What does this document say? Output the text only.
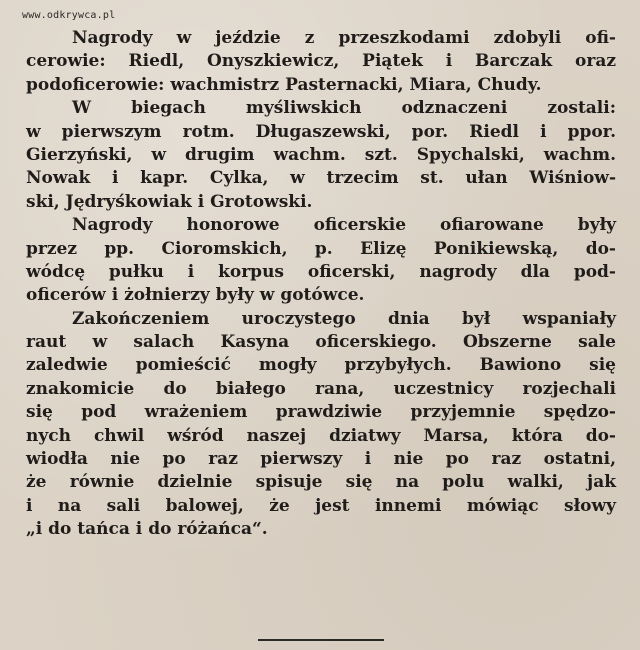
www.odkrywca.pl
Nagrody w jeździe z przeszkodami zdobyli ofi-
cerowie: Riedl, Onyszkiewicz, Piątek i Barczak oraz
podoficerowie: wachmistrz Pasternacki, Miara, Chudy.
W biegach myśliwskich odznaczeni zostali:
w pierwszym rotm. Długaszewski, por. Riedl i ppor.
Gierzyński, w drugim wachm. szt. Spychalski, wachm.
Nowak i kapr. Cylka, w trzecim st. ułan Wiśniow-
ski, Jędryśkowiak i Grotowski.
Nagrody honorowe oficerskie ofiarowane były
przez pp. Cioromskich, p. Elizę Ponikiewską, do-
wódcę pułku i korpus oficerski, nagrody dla pod-
oficerów i żołnierzy były w gotówce.
Zakończeniem uroczystego dnia był wspaniały
raut w salach Kasyna oficerskiego. Obszerne sale
zaledwie pomieścić mogły przybyłych. Bawiono się
znakomicie do białego rana, uczestnicy rozjechali
się pod wrażeniem prawdziwie przyjemnie spędzo-
nych chwil wśród naszej dziatwy Marsa, która do-
wiodła nie po raz pierwszy i nie po raz ostatni,
że równie dzielnie spisuje się na polu walki, jak
i na sali balowej, że jest innemi mówiąc słowy
„i do tańca i do różańca“.
